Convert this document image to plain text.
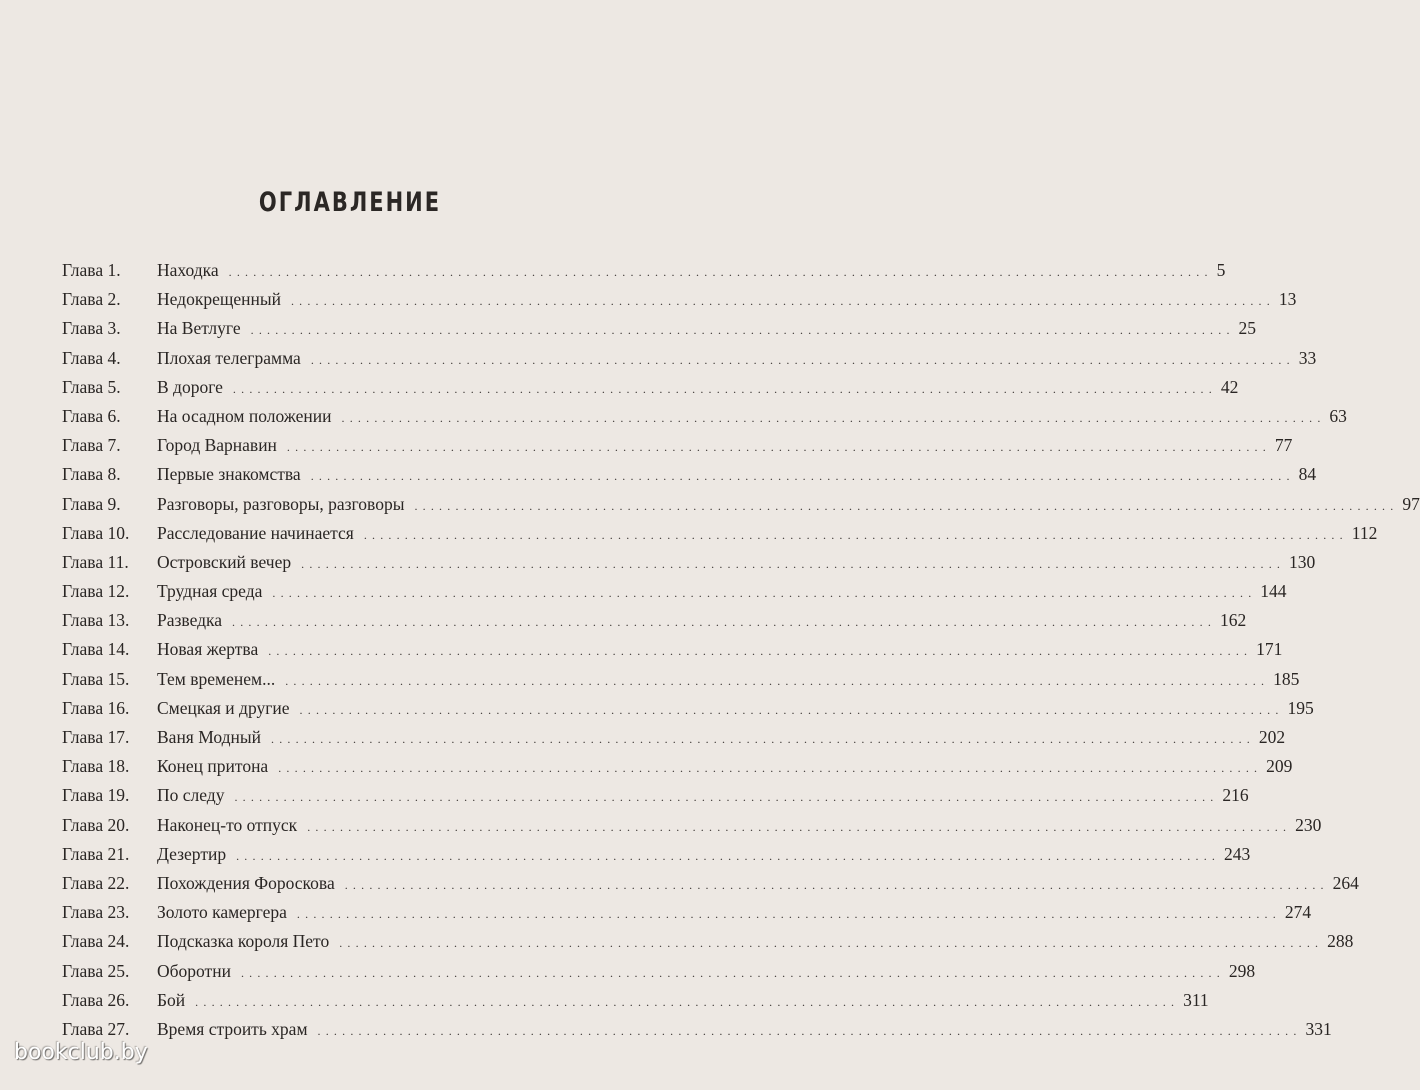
ОГЛАВЛЕНИЕ
Глава 1.	Находка . . . . . . . . . . . . . . . . . . . . . . . . . . . . . . . . . . . . . . . . . . . . . . . . . . . . . . . . . . . . . . . . . . . . . . . . . . . . . . . . . . . . . . . . . . . . . . . . . . . . . . . . . . . . . . . . . . . . . . . . 5
Глава 2.	Недокрещенный . . . . . . . . . . . . . . . . . . . . . . . . . . . . . . . . . . . . . . . . . . . . . . . . . . . . . . . . . . . . . . . . . . . . . . . . . . . . . . . . . . . . . . . . . . . . . . . . . . . . . . . . . . . . . . . . . . . . . . . . 13
Глава 3.	На Ветлуге . . . . . . . . . . . . . . . . . . . . . . . . . . . . . . . . . . . . . . . . . . . . . . . . . . . . . . . . . . . . . . . . . . . . . . . . . . . . . . . . . . . . . . . . . . . . . . . . . . . . . . . . . . . . . . . . . . . . . . . . 25
Глава 4.	Плохая телеграмма . . . . . . . . . . . . . . . . . . . . . . . . . . . . . . . . . . . . . . . . . . . . . . . . . . . . . . . . . . . . . . . . . . . . . . . . . . . . . . . . . . . . . . . . . . . . . . . . . . . . . . . . . . . . . . . . . . . . . . . . 33
Глава 5.	В дороге . . . . . . . . . . . . . . . . . . . . . . . . . . . . . . . . . . . . . . . . . . . . . . . . . . . . . . . . . . . . . . . . . . . . . . . . . . . . . . . . . . . . . . . . . . . . . . . . . . . . . . . . . . . . . . . . . . . . . . . . 42
Глава 6.	На осадном положении . . . . . . . . . . . . . . . . . . . . . . . . . . . . . . . . . . . . . . . . . . . . . . . . . . . . . . . . . . . . . . . . . . . . . . . . . . . . . . . . . . . . . . . . . . . . . . . . . . . . . . . . . . . . . . . . . . . . . . . . 63
Глава 7.	Город Варнавин . . . . . . . . . . . . . . . . . . . . . . . . . . . . . . . . . . . . . . . . . . . . . . . . . . . . . . . . . . . . . . . . . . . . . . . . . . . . . . . . . . . . . . . . . . . . . . . . . . . . . . . . . . . . . . . . . . . . . . . . 77
Глава 8.	Первые знакомства . . . . . . . . . . . . . . . . . . . . . . . . . . . . . . . . . . . . . . . . . . . . . . . . . . . . . . . . . . . . . . . . . . . . . . . . . . . . . . . . . . . . . . . . . . . . . . . . . . . . . . . . . . . . . . . . . . . . . . . . 84
Глава 9.	Разговоры, разговоры, разговоры . . . . . . . . . . . . . . . . . . . . . . . . . . . . . . . . . . . . . . . . . . . . . . . . . . . . . . . . . . . . . . . . . . . . . . . . . . . . . . . . . . . . . . . . . . . . . . . . . . . . . . . . . . . . . . . . . . . . . . . . 97
Глава 10.	Расследование начинается . . . . . . . . . . . . . . . . . . . . . . . . . . . . . . . . . . . . . . . . . . . . . . . . . . . . . . . . . . . . . . . . . . . . . . . . . . . . . . . . . . . . . . . . . . . . . . . . . . . . . . . . . . . . . . . . . . . . . . . . 112
Глава 11.	Островский вечер . . . . . . . . . . . . . . . . . . . . . . . . . . . . . . . . . . . . . . . . . . . . . . . . . . . . . . . . . . . . . . . . . . . . . . . . . . . . . . . . . . . . . . . . . . . . . . . . . . . . . . . . . . . . . . . . . . . . . . . . 130
Глава 12.	Трудная среда . . . . . . . . . . . . . . . . . . . . . . . . . . . . . . . . . . . . . . . . . . . . . . . . . . . . . . . . . . . . . . . . . . . . . . . . . . . . . . . . . . . . . . . . . . . . . . . . . . . . . . . . . . . . . . . . . . . . . . . . 144
Глава 13.	Разведка . . . . . . . . . . . . . . . . . . . . . . . . . . . . . . . . . . . . . . . . . . . . . . . . . . . . . . . . . . . . . . . . . . . . . . . . . . . . . . . . . . . . . . . . . . . . . . . . . . . . . . . . . . . . . . . . . . . . . . . . 162
Глава 14.	Новая жертва . . . . . . . . . . . . . . . . . . . . . . . . . . . . . . . . . . . . . . . . . . . . . . . . . . . . . . . . . . . . . . . . . . . . . . . . . . . . . . . . . . . . . . . . . . . . . . . . . . . . . . . . . . . . . . . . . . . . . . . . 171
Глава 15.	Тем временем... . . . . . . . . . . . . . . . . . . . . . . . . . . . . . . . . . . . . . . . . . . . . . . . . . . . . . . . . . . . . . . . . . . . . . . . . . . . . . . . . . . . . . . . . . . . . . . . . . . . . . . . . . . . . . . . . . . . . . . . . 185
Глава 16.	Смецкая и другие . . . . . . . . . . . . . . . . . . . . . . . . . . . . . . . . . . . . . . . . . . . . . . . . . . . . . . . . . . . . . . . . . . . . . . . . . . . . . . . . . . . . . . . . . . . . . . . . . . . . . . . . . . . . . . . . . . . . . . . . 195
Глава 17.	Ваня Модный . . . . . . . . . . . . . . . . . . . . . . . . . . . . . . . . . . . . . . . . . . . . . . . . . . . . . . . . . . . . . . . . . . . . . . . . . . . . . . . . . . . . . . . . . . . . . . . . . . . . . . . . . . . . . . . . . . . . . . . . 202
Глава 18.	Конец притона . . . . . . . . . . . . . . . . . . . . . . . . . . . . . . . . . . . . . . . . . . . . . . . . . . . . . . . . . . . . . . . . . . . . . . . . . . . . . . . . . . . . . . . . . . . . . . . . . . . . . . . . . . . . . . . . . . . . . . . . 209
Глава 19.	По следу . . . . . . . . . . . . . . . . . . . . . . . . . . . . . . . . . . . . . . . . . . . . . . . . . . . . . . . . . . . . . . . . . . . . . . . . . . . . . . . . . . . . . . . . . . . . . . . . . . . . . . . . . . . . . . . . . . . . . . . . 216
Глава 20.	Наконец-то отпуск . . . . . . . . . . . . . . . . . . . . . . . . . . . . . . . . . . . . . . . . . . . . . . . . . . . . . . . . . . . . . . . . . . . . . . . . . . . . . . . . . . . . . . . . . . . . . . . . . . . . . . . . . . . . . . . . . . . . . . . . 230
Глава 21.	Дезертир . . . . . . . . . . . . . . . . . . . . . . . . . . . . . . . . . . . . . . . . . . . . . . . . . . . . . . . . . . . . . . . . . . . . . . . . . . . . . . . . . . . . . . . . . . . . . . . . . . . . . . . . . . . . . . . . . . . . . . . . 243
Глава 22.	Похождения Фороскова . . . . . . . . . . . . . . . . . . . . . . . . . . . . . . . . . . . . . . . . . . . . . . . . . . . . . . . . . . . . . . . . . . . . . . . . . . . . . . . . . . . . . . . . . . . . . . . . . . . . . . . . . . . . . . . . . . . . . . . . 264
Глава 23.	Золото камергера . . . . . . . . . . . . . . . . . . . . . . . . . . . . . . . . . . . . . . . . . . . . . . . . . . . . . . . . . . . . . . . . . . . . . . . . . . . . . . . . . . . . . . . . . . . . . . . . . . . . . . . . . . . . . . . . . . . . . . . . 274
Глава 24.	Подсказка короля Пето . . . . . . . . . . . . . . . . . . . . . . . . . . . . . . . . . . . . . . . . . . . . . . . . . . . . . . . . . . . . . . . . . . . . . . . . . . . . . . . . . . . . . . . . . . . . . . . . . . . . . . . . . . . . . . . . . . . . . . . . 288
Глава 25.	Оборотни . . . . . . . . . . . . . . . . . . . . . . . . . . . . . . . . . . . . . . . . . . . . . . . . . . . . . . . . . . . . . . . . . . . . . . . . . . . . . . . . . . . . . . . . . . . . . . . . . . . . . . . . . . . . . . . . . . . . . . . . 298
Глава 26.	Бой . . . . . . . . . . . . . . . . . . . . . . . . . . . . . . . . . . . . . . . . . . . . . . . . . . . . . . . . . . . . . . . . . . . . . . . . . . . . . . . . . . . . . . . . . . . . . . . . . . . . . . . . . . . . . . . . . . . . . . . . 311
Глава 27.	Время строить храм . . . . . . . . . . . . . . . . . . . . . . . . . . . . . . . . . . . . . . . . . . . . . . . . . . . . . . . . . . . . . . . . . . . . . . . . . . . . . . . . . . . . . . . . . . . . . . . . . . . . . . . . . . . . . . . . . . . . . . . . 331
bookclub.by
